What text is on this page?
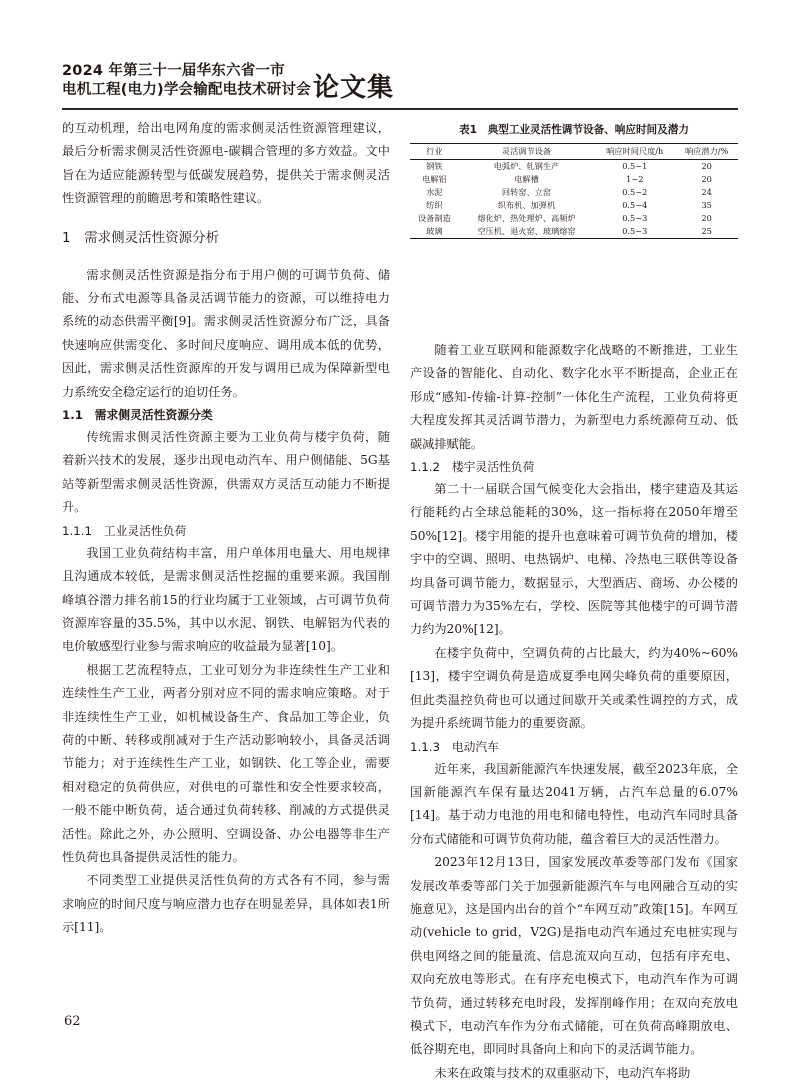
2024 年第三十一届华东六省一市
电机工程(电力)学会输配电技术研讨会 论文集

的互动机理，给出电网角度的需求侧灵活性资源管理建议，最后分析需求侧灵活性资源电-碳耦合管理的多方效益。文中旨在为适应能源转型与低碳发展趋势，提供关于需求侧灵活性资源管理的前瞻思考和策略性建议。

1　需求侧灵活性资源分析

需求侧灵活性资源是指分布于用户侧的可调节负荷、储能、分布式电源等具备灵活调节能力的资源，可以维持电力系统的动态供需平衡[9]。需求侧灵活性资源分布广泛，具备快速响应供需变化、多时间尺度响应、调用成本低的优势，因此，需求侧灵活性资源库的开发与调用已成为保障新型电力系统安全稳定运行的迫切任务。

1.1　需求侧灵活性资源分类

传统需求侧灵活性资源主要为工业负荷与楼宇负荷，随着新兴技术的发展，逐步出现电动汽车、用户侧储能、5G基站等新型需求侧灵活性资源，供需双方灵活互动能力不断提升。

1.1.1　工业灵活性负荷

我国工业负荷结构丰富，用户单体用电量大、用电规律且沟通成本较低，是需求侧灵活性挖掘的重要来源。我国削峰填谷潜力排名前15的行业均属于工业领域，占可调节负荷资源库容量的35.5%，其中以水泥、钢铁、电解铝为代表的电价敏感型行业参与需求响应的收益最为显著[10]。

根据工艺流程特点，工业可划分为非连续性生产工业和连续性生产工业，两者分别对应不同的需求响应策略。对于非连续性生产工业，如机械设备生产、食品加工等企业，负荷的中断、转移或削减对于生产活动影响较小，具备灵活调节能力；对于连续性生产工业，如钢铁、化工等企业，需要相对稳定的负荷供应，对供电的可靠性和安全性要求较高，一般不能中断负荷，适合通过负荷转移、削减的方式提供灵活性。除此之外，办公照明、空调设备、办公电器等非生产性负荷也具备提供灵活性的能力。

不同类型工业提供灵活性负荷的方式各有不同，参与需求响应的时间尺度与响应潜力也存在明显差异，具体如表1所示[11]。

表1　典型工业灵活性调节设备、响应时间及潜力
行业	灵活调节设备	响应时间尺度/h	响应潜力/%
钢铁	电弧炉、轧钢生产	0.5~1	20
电解铝	电解槽	1~2	20
水泥	回转窑、立窑	0.5~2	24
纺织	织布机、加弹机	0.5~4	35
设备制造	熔化炉、热处理炉、高频炉	0.5~3	20
玻璃	空压机、退火窑、玻璃熔窑	0.5~3	25

随着工业互联网和能源数字化战略的不断推进，工业生产设备的智能化、自动化、数字化水平不断提高，企业正在形成“感知-传输-计算-控制”一体化生产流程，工业负荷将更大程度发挥其灵活调节潜力，为新型电力系统源荷互动、低碳减排赋能。

1.1.2　楼宇灵活性负荷

第二十一届联合国气候变化大会指出，楼宇建造及其运行能耗约占全球总能耗的30%，这一指标将在2050年增至50%[12]。楼宇用能的提升也意味着可调节负荷的增加，楼宇中的空调、照明、电热锅炉、电梯、冷热电三联供等设备均具备可调节能力，数据显示，大型酒店、商场、办公楼的可调节潜力为35%左右，学校、医院等其他楼宇的可调节潜力约为20%[12]。

在楼宇负荷中，空调负荷的占比最大，约为40%~60%[13]，楼宇空调负荷是造成夏季电网尖峰负荷的重要原因，但此类温控负荷也可以通过间歇开关或柔性调控的方式，成为提升系统调节能力的重要资源。

1.1.3　电动汽车

近年来，我国新能源汽车快速发展，截至2023年底，全国新能源汽车保有量达2041万辆，占汽车总量的6.07%[14]。基于动力电池的用电和储电特性，电动汽车同时具备分布式储能和可调节负荷功能，蕴含着巨大的灵活性潜力。

2023年12月13日，国家发展改革委等部门发布《国家发展改革委等部门关于加强新能源汽车与电网融合互动的实施意见》，这是国内出台的首个“车网互动”政策[15]。车网互动(vehicle to grid，V2G)是指电动汽车通过充电桩实现与供电网络之间的能量流、信息流双向互动，包括有序充电、双向充放电等形式。在有序充电模式下，电动汽车作为可调节负荷，通过转移充电时段，发挥削峰作用；在双向充放电模式下，电动汽车作为分布式储能，可在负荷高峰期放电、低谷期充电，即同时具备向上和向下的灵活调节能力。

未来在政策与技术的双重驱动下，电动汽车将助

62
